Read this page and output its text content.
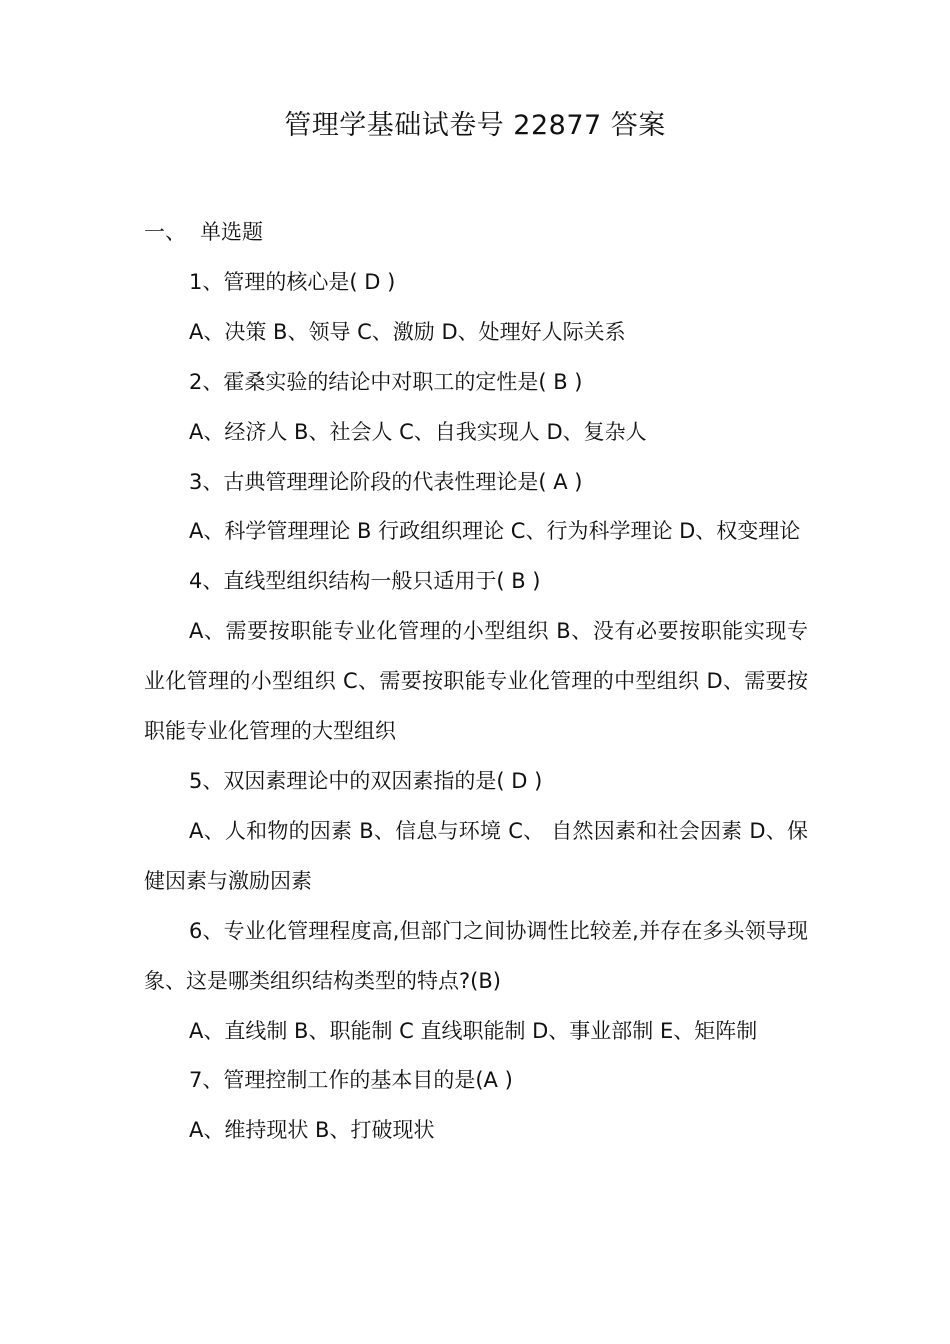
管理学基础试卷号 22877 答案

一、 单选题

1、管理的核心是( D )

A、决策 B、领导 C、激励 D、处理好人际关系

2、霍桑实验的结论中对职工的定性是( B )

A、经济人 B、社会人 C、自我实现人 D、复杂人

3、古典管理理论阶段的代表性理论是( A )

A、科学管理理论 B 行政组织理论 C、行为科学理论 D、权变理论

4、直线型组织结构一般只适用于( B )

A、需要按职能专业化管理的小型组织 B、没有必要按职能实现专业化管理的小型组织 C、需要按职能专业化管理的中型组织 D、需要按职能专业化管理的大型组织

5、双因素理论中的双因素指的是( D )

A、人和物的因素 B、信息与环境 C、 自然因素和社会因素 D、保健因素与激励因素

6、专业化管理程度高,但部门之间协调性比较差,并存在多头领导现象、这是哪类组织结构类型的特点?(B)

A、直线制 B、职能制 C 直线职能制 D、事业部制 E、矩阵制

7、管理控制工作的基本目的是(A )

A、维持现状 B、打破现状
